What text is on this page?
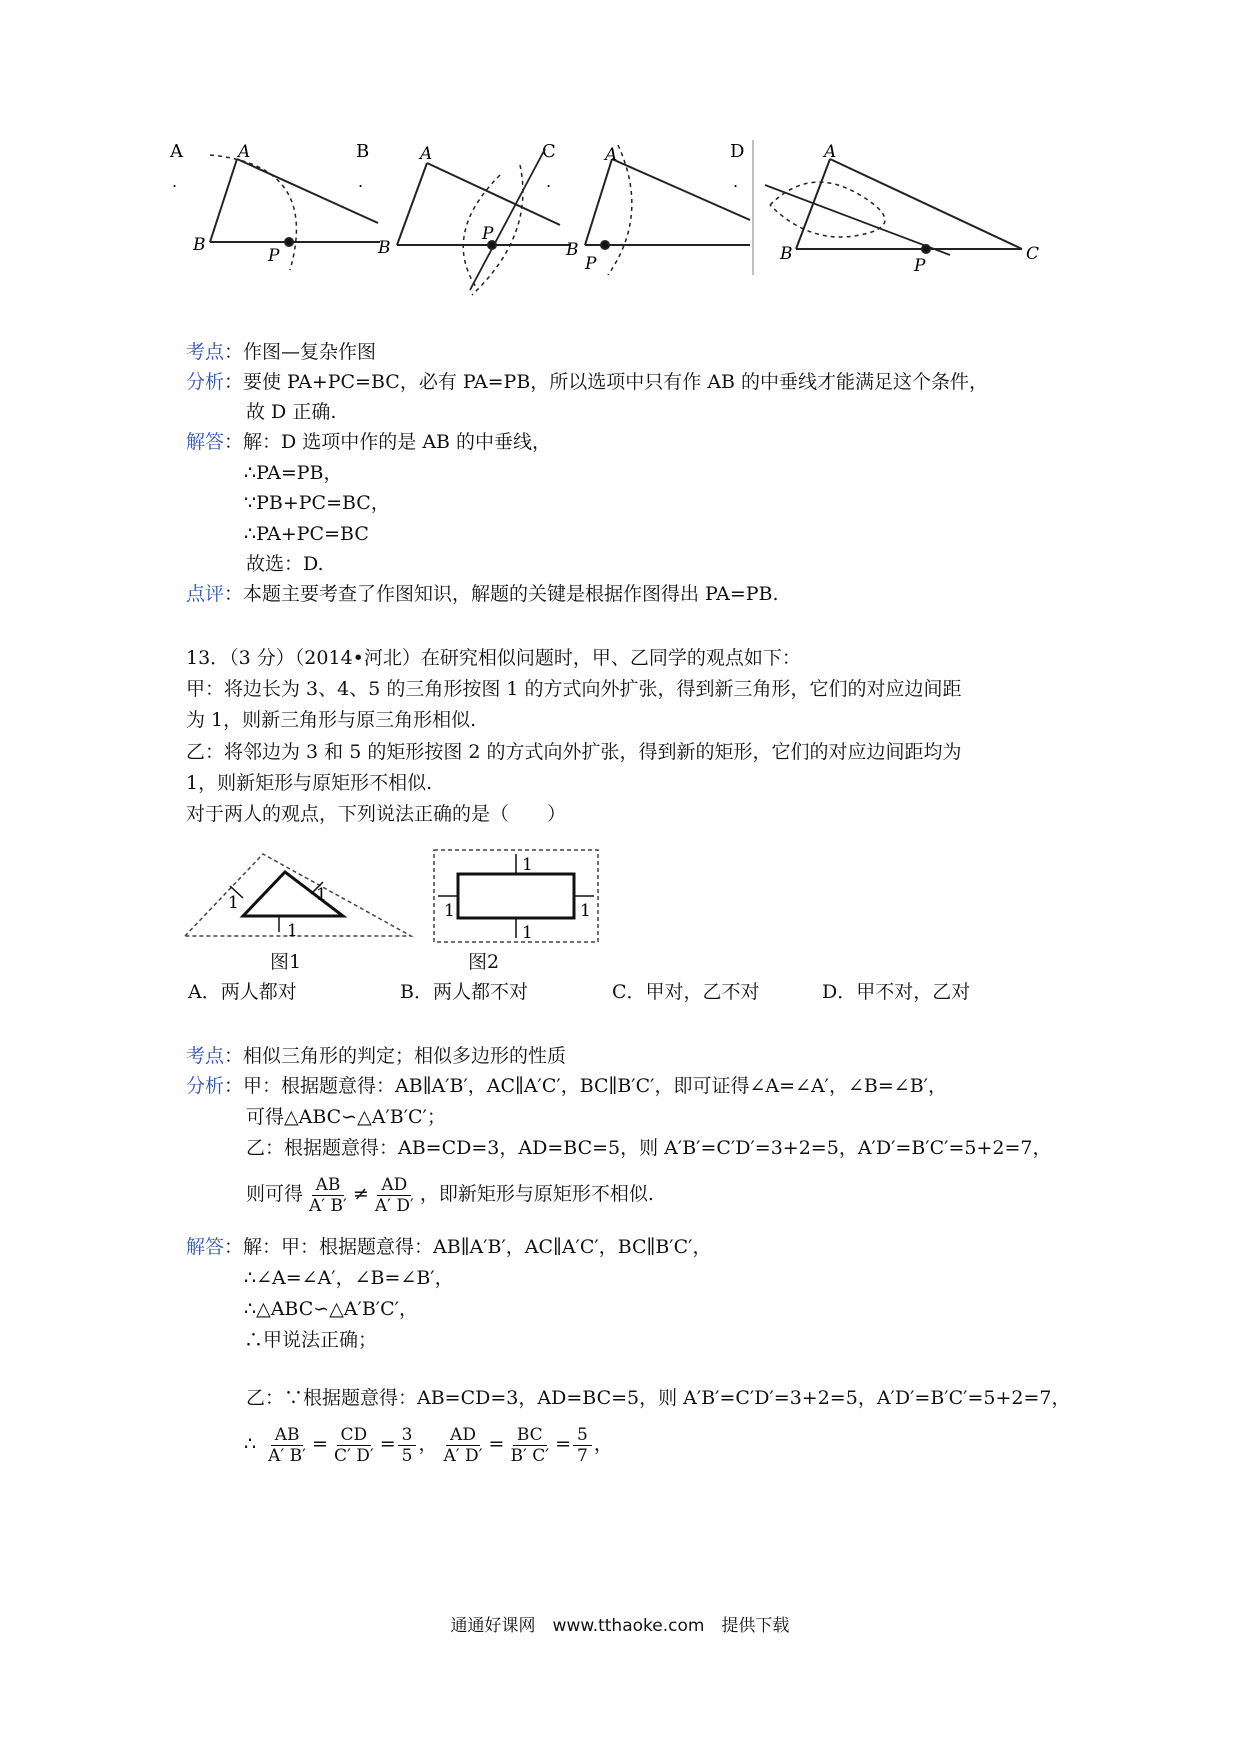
A
.
B
.
C
.
D
.
A
B
P
A
B
P
A
B
P
A
B
P
C
考点：作图—复杂作图
分析：要使 PA+PC=BC，必有 PA=PB，所以选项中只有作 AB 的中垂线才能满足这个条件，
故 D 正确.
解答：解：D 选项中作的是 AB 的中垂线，
∴PA=PB，
∵PB+PC=BC，
∴PA+PC=BC
故选：D.
点评：本题主要考查了作图知识，解题的关键是根据作图得出 PA=PB.
13．（3 分）（2014•河北）在研究相似问题时，甲、乙同学的观点如下：
甲：将边长为 3、4、5 的三角形按图 1 的方式向外扩张，得到新三角形，它们的对应边间距
为 1，则新三角形与原三角形相似.
乙：将邻边为 3 和 5 的矩形按图 2 的方式向外扩张，得到新的矩形，它们的对应边间距均为
1，则新矩形与原矩形不相似.
对于两人的观点，下列说法正确的是（　　）
1	1
1
1
1
1	1
图1	图2
A．两人都对	B．两人都不对	C．甲对，乙不对	D．甲不对，乙对
考点：相似三角形的判定；相似多边形的性质
分析：甲：根据题意得：AB∥A′B′，AC∥A′C′，BC∥B′C′，即可证得∠A=∠A′，∠B=∠B′，
可得△ABC∽△A′B′C′；
乙：根据题意得：AB=CD=3，AD=BC=5，则 A′B′=C′D′=3+2=5，A′D′=B′C′=5+2=7，
则可得 $\frac{AB}{A' B'} \ne \frac{AD}{A' D'}$ ，即新矩形与原矩形不相似.
解答：解：甲：根据题意得：AB∥A′B′，AC∥A′C′，BC∥B′C′，
∴∠A=∠A′，∠B=∠B′，
∴△ABC∽△A′B′C′，
∴甲说法正确；
乙：∵根据题意得：AB=CD=3，AD=BC=5，则 A′B′=C′D′=3+2=5，A′D′=B′C′=5+2=7，
∴ $\frac{AB}{A' B'} = \frac{CD}{C' D'} = \frac{3}{5}$ ， $\frac{AD}{A' D'} = \frac{BC}{B' C'} = \frac{5}{7}$ ，
通通好课网　www.tthaoke.com　提供下载
